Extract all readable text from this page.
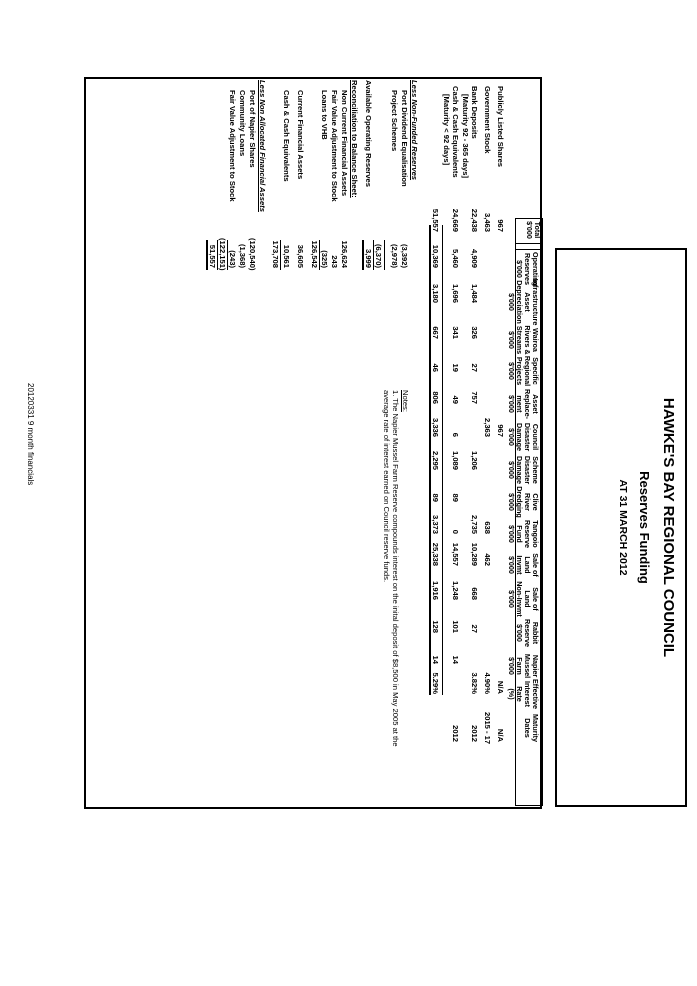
HAWKE'S BAY REGIONAL COUNCIL
Reserves Funding
AT 31 MARCH 2012
Total
$'000
Operating
Reserves
$'000
Infrastructure
Asset
Depreciation
$'000
Wairoa
Rivers &
Streams
$'000
Specific
Regional
Projects
$'000
Asset
Replace-
ment
$'000
Council
Disaster
Damage
$'000
Scheme
Disaster
Damage
$'000
Clive
River
Dredging
$'000
Tangoio
Reserve
Fund
$'000
Sale of
Land
Invmt
$'000
Sale of
Land
Non-Invmt
$'000
Rabbit
Reserve
$'000
Napier
Mussel
Farm
$'000
Effective
Interest
Rate
(%)
Maturity
Dates
Publicly Listed Shares
967
967
N/A
N/A
Government Stock
3,463
2,363
638
462
4.90%
2015 - 17
Bank Deposits
[Maturity 92 - 365 days]
22,438
4,909
1,484
326
27
757
1,206
2,735
10,289
668
27
3.82%
2012
Cash & Cash Equivalents
[Maturity < 92 days]
24,669
5,460
1,696
341
19
49
6
1,089
89
0
14,557
1,248
101
14
2012
51,557
10,369
3,180
667
46
806
3,336
2,295
89
3,373
25,338
1,916
128
14
5.29%
Less Non-Funded Reserves
Port Dividend Equalisation
(3,392)
Project Schemes
(2,978)
(6,370)
Available Operating Reserves
3,999
Reconciliation to Balance Sheet:
Non Current Financial Assets
126,624
Fair Value Adjustment to Stock
243
Loans to VHB
(325)
126,542
Current Financial Assets
36,605
Cash & Cash Equivalents
10,561
173,708
Less Non Allocated Financial Assets
Port of Napier Shares
(120,540)
Community Loans
(1,368)
Fair Value Adjustment to Stock
(243)
(122,151)
51,557
Notes:
1. The Napier Mussel Farm Reserve compounds interest on the inital deposit of $8,500 in May 2005 at the
average rate of interest earned on Council reserve funds.
20120331 9 month financials
